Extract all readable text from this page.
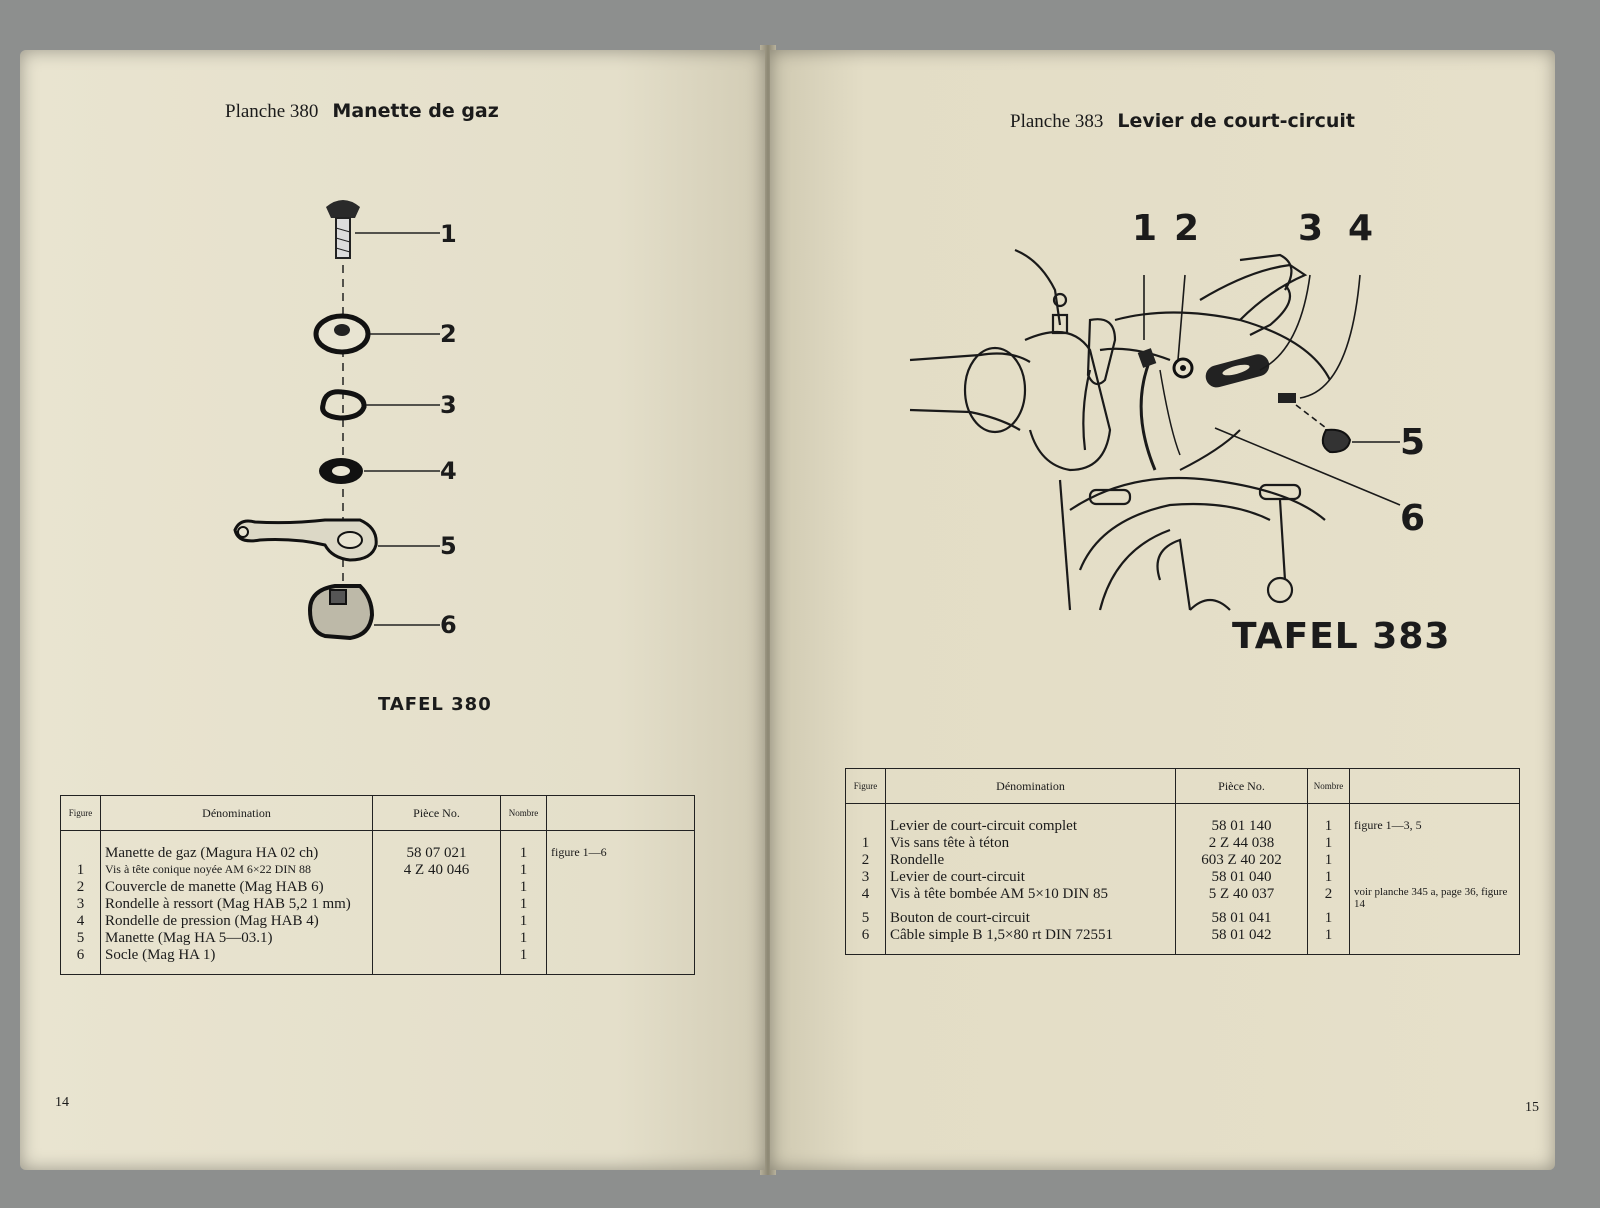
Planche 380 Manette de gaz
1
2
3
4
5
6
TAFEL 380
Figure	Dénomination	Pièce No.	Nombre	
	Manette de gaz (Magura HA 02 ch)	58 07 021	1	figure 1—6
1	Vis à tête conique noyée AM 6×22 DIN 88	4 Z 40 046	1	
2	Couvercle de manette (Mag HAB 6)		1	
3	Rondelle à ressort (Mag HAB 5,2 1 mm)		1	
4	Rondelle de pression (Mag HAB 4)		1	
5	Manette (Mag HA 5—03.1)		1	
6	Socle (Mag HA 1)		1	
14
Planche 383 Levier de court-circuit
1 2	3 4
5
6
TAFEL 383
Figure	Dénomination	Pièce No.	Nombre	
	Levier de court-circuit complet	58 01 140	1	figure 1—3, 5
1	Vis sans tête à téton	2 Z 44 038	1	
2	Rondelle	603 Z 40 202	1	
3	Levier de court-circuit	58 01 040	1	
4	Vis à tête bombée AM 5×10 DIN 85	5 Z 40 037	2	voir planche 345 a, page 36, figure 14
5	Bouton de court-circuit	58 01 041	1	
6	Câble simple B 1,5×80 rt DIN 72551	58 01 042	1	
15
